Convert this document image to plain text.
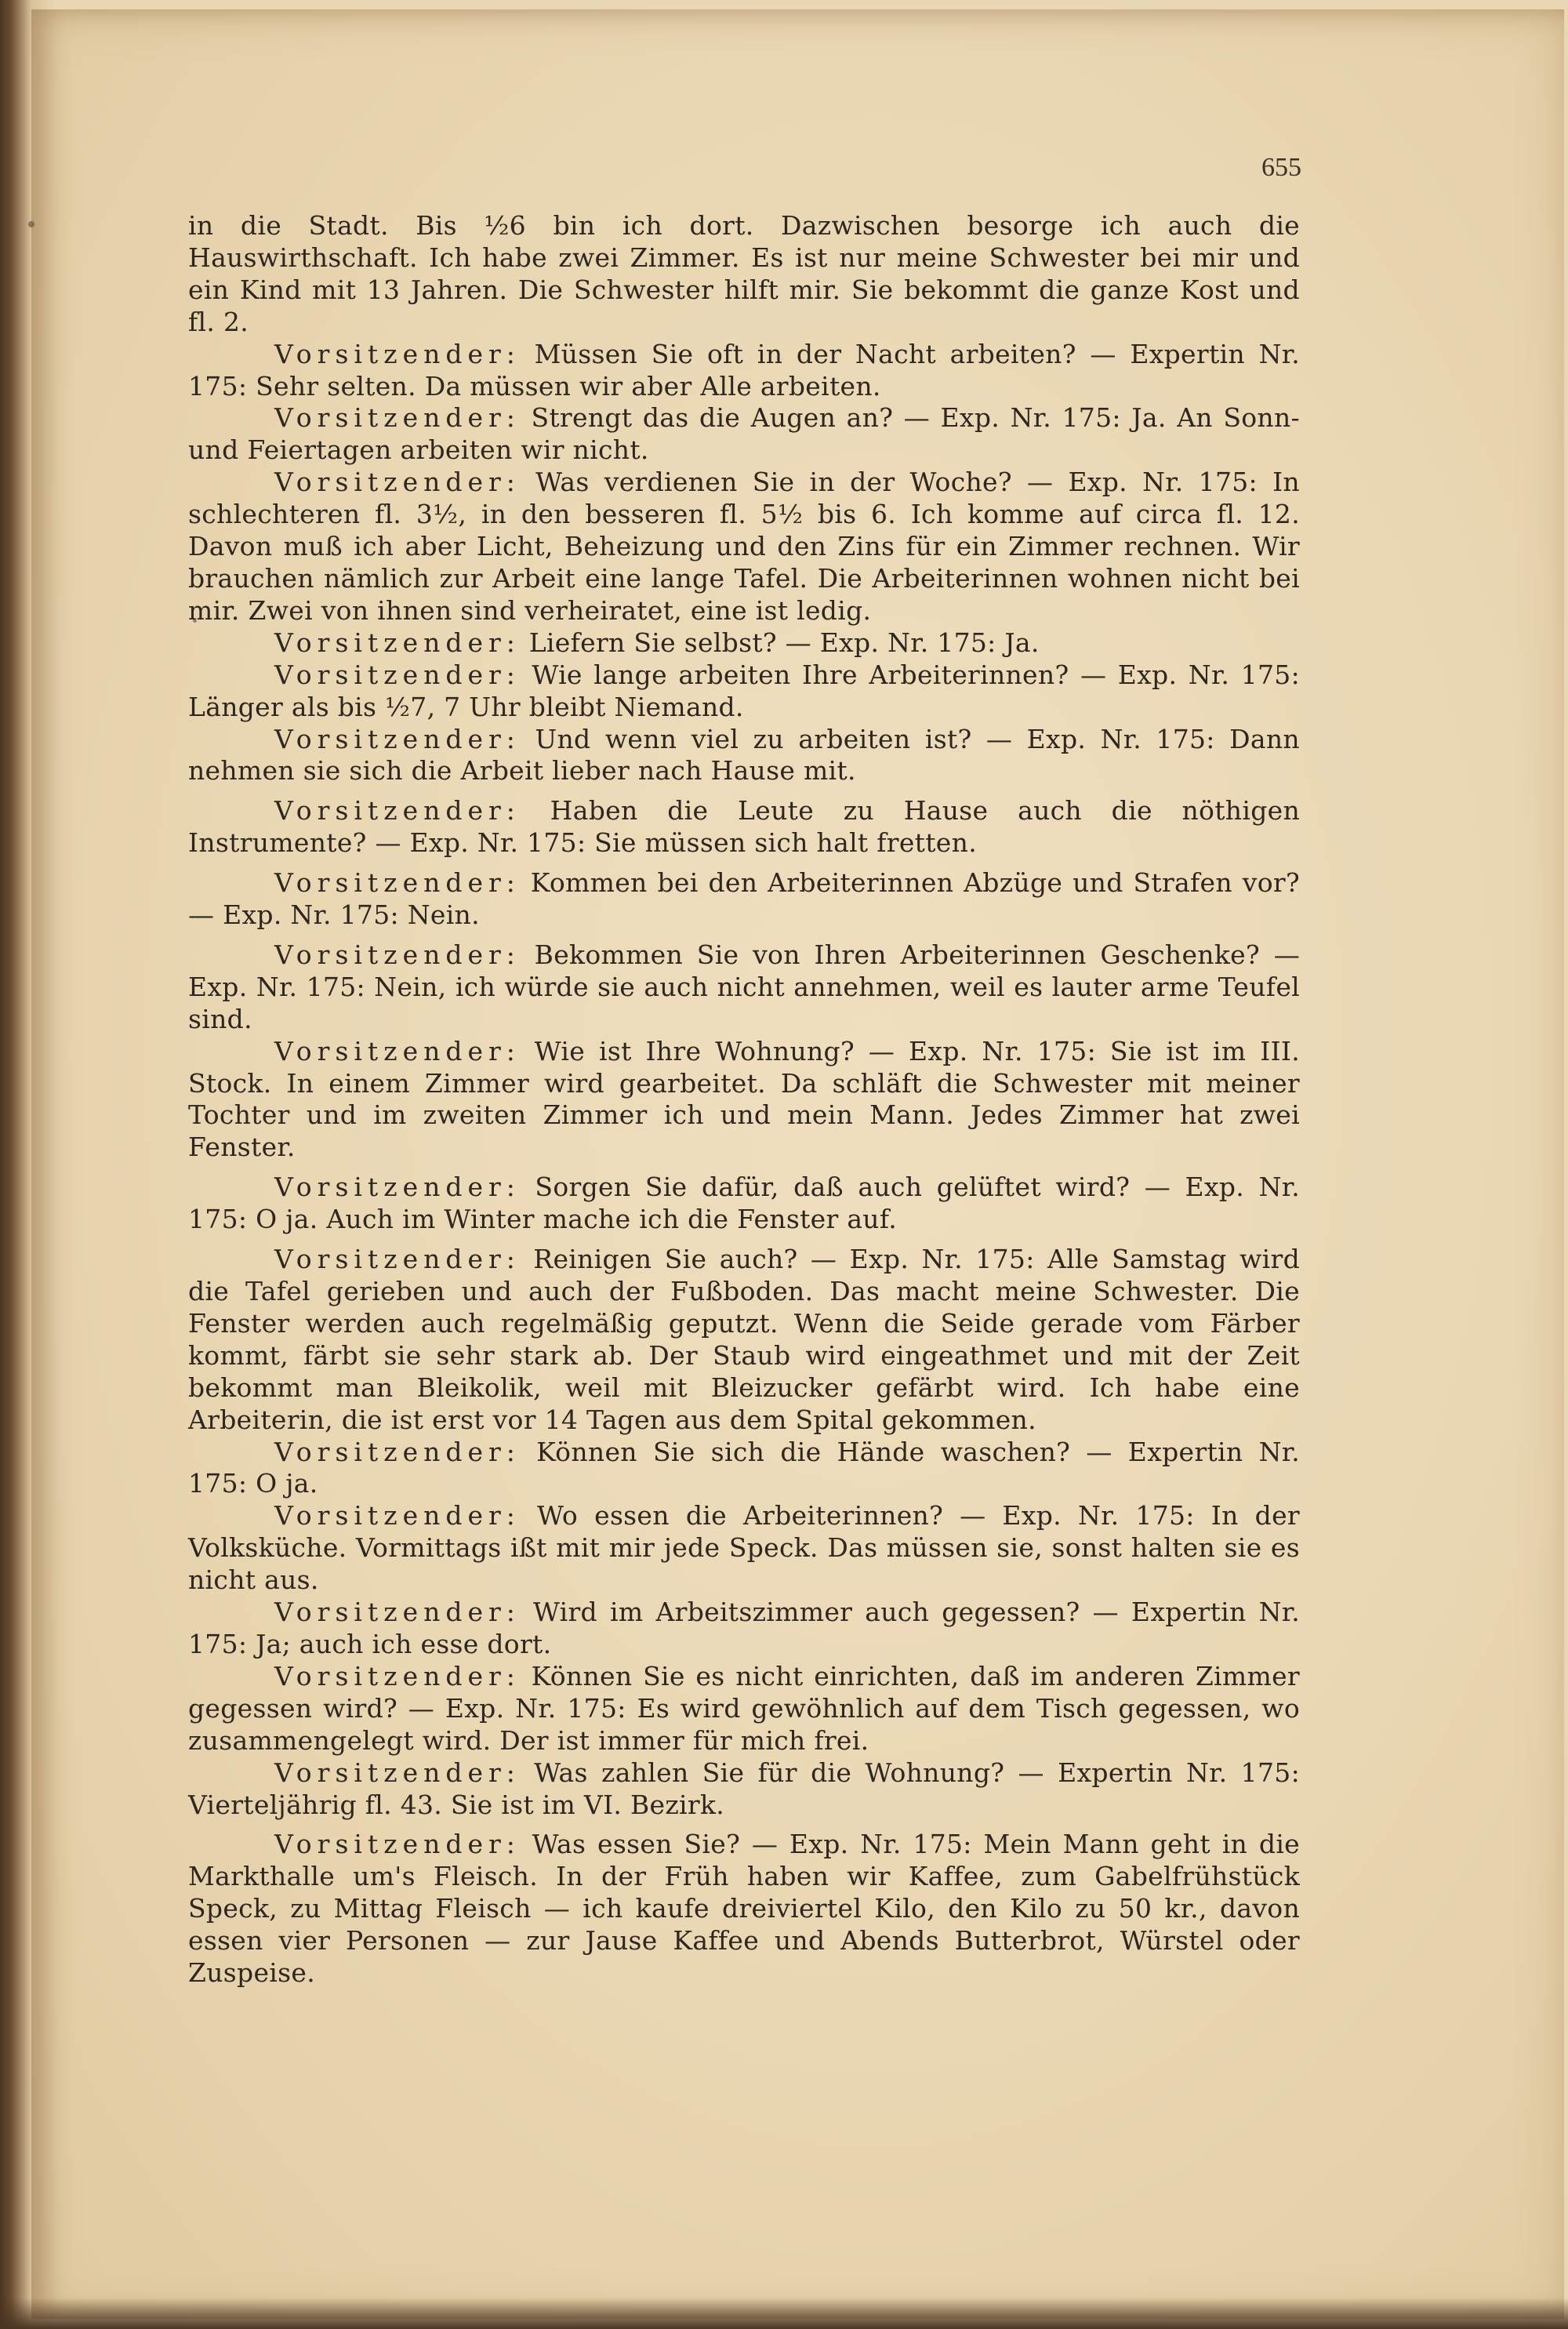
655

in die Stadt. Bis ½6 bin ich dort. Dazwischen besorge ich auch die Hauswirthschaft. Ich habe zwei Zimmer. Es ist nur meine Schwester bei mir und ein Kind mit 13 Jahren. Die Schwester hilft mir. Sie bekommt die ganze Kost und fl. 2.

Vorsitzender: Müssen Sie oft in der Nacht arbeiten? — Expertin Nr. 175: Sehr selten. Da müssen wir aber Alle arbeiten.

Vorsitzender: Strengt das die Augen an? — Exp. Nr. 175: Ja. An Sonn- und Feiertagen arbeiten wir nicht.

Vorsitzender: Was verdienen Sie in der Woche? — Exp. Nr. 175: In schlechteren fl. 3½, in den besseren fl. 5½ bis 6. Ich komme auf circa fl. 12. Davon muß ich aber Licht, Beheizung und den Zins für ein Zimmer rechnen. Wir brauchen nämlich zur Arbeit eine lange Tafel. Die Arbeiterinnen wohnen nicht bei mir. Zwei von ihnen sind verheiratet, eine ist ledig.

Vorsitzender: Liefern Sie selbst? — Exp. Nr. 175: Ja.

Vorsitzender: Wie lange arbeiten Ihre Arbeiterinnen? — Exp. Nr. 175: Länger als bis ½7, 7 Uhr bleibt Niemand.

Vorsitzender: Und wenn viel zu arbeiten ist? — Exp. Nr. 175: Dann nehmen sie sich die Arbeit lieber nach Hause mit.

Vorsitzender: Haben die Leute zu Hause auch die nöthigen Instrumente? — Exp. Nr. 175: Sie müssen sich halt fretten.

Vorsitzender: Kommen bei den Arbeiterinnen Abzüge und Strafen vor? — Exp. Nr. 175: Nein.

Vorsitzender: Bekommen Sie von Ihren Arbeiterinnen Geschenke? — Exp. Nr. 175: Nein, ich würde sie auch nicht annehmen, weil es lauter arme Teufel sind.

Vorsitzender: Wie ist Ihre Wohnung? — Exp. Nr. 175: Sie ist im III. Stock. In einem Zimmer wird gearbeitet. Da schläft die Schwester mit meiner Tochter und im zweiten Zimmer ich und mein Mann. Jedes Zimmer hat zwei Fenster.

Vorsitzender: Sorgen Sie dafür, daß auch gelüftet wird? — Exp. Nr. 175: O ja. Auch im Winter mache ich die Fenster auf.

Vorsitzender: Reinigen Sie auch? — Exp. Nr. 175: Alle Samstag wird die Tafel gerieben und auch der Fußboden. Das macht meine Schwester. Die Fenster werden auch regelmäßig geputzt. Wenn die Seide gerade vom Färber kommt, färbt sie sehr stark ab. Der Staub wird eingeathmet und mit der Zeit bekommt man Bleikolik, weil mit Bleizucker gefärbt wird. Ich habe eine Arbeiterin, die ist erst vor 14 Tagen aus dem Spital gekommen.

Vorsitzender: Können Sie sich die Hände waschen? — Expertin Nr. 175: O ja.

Vorsitzender: Wo essen die Arbeiterinnen? — Exp. Nr. 175: In der Volksküche. Vormittags ißt mit mir jede Speck. Das müssen sie, sonst halten sie es nicht aus.

Vorsitzender: Wird im Arbeitszimmer auch gegessen? — Expertin Nr. 175: Ja; auch ich esse dort.

Vorsitzender: Können Sie es nicht einrichten, daß im anderen Zimmer gegessen wird? — Exp. Nr. 175: Es wird gewöhnlich auf dem Tisch gegessen, wo zusammengelegt wird. Der ist immer für mich frei.

Vorsitzender: Was zahlen Sie für die Wohnung? — Expertin Nr. 175: Vierteljährig fl. 43. Sie ist im VI. Bezirk.

Vorsitzender: Was essen Sie? — Exp. Nr. 175: Mein Mann geht in die Markthalle um's Fleisch. In der Früh haben wir Kaffee, zum Gabelfrühstück Speck, zu Mittag Fleisch — ich kaufe dreiviertel Kilo, den Kilo zu 50 kr., davon essen vier Personen — zur Jause Kaffee und Abends Butterbrot, Würstel oder Zuspeise.
